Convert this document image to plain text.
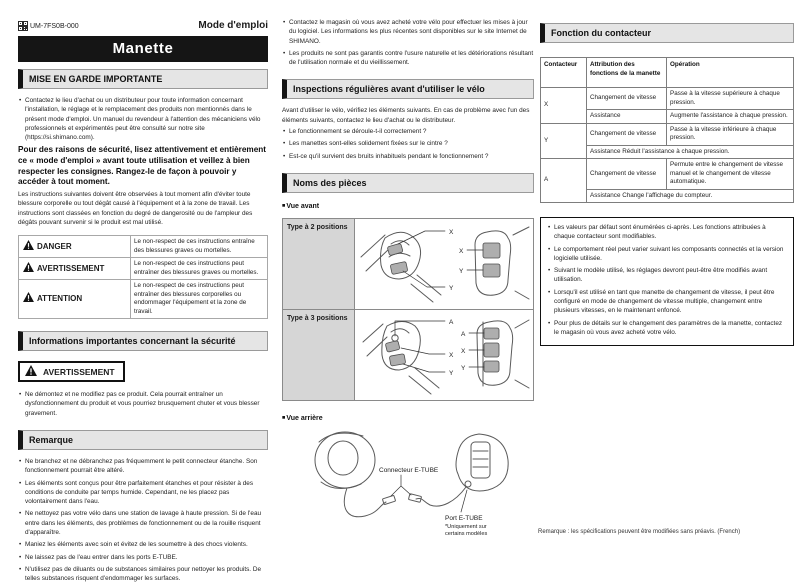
UM-7FS0B-000	Mode d'emploi
Manette
MISE EN GARDE IMPORTANTE
• Contactez le lieu d'achat ou un distributeur pour toute information concernant l'installation, le réglage et le remplacement des produits non mentionnés dans le présent mode d'emploi. Un manuel du revendeur à l'attention des mécaniciens vélo professionnels et expérimentés peut être consulté sur notre site (https://si.shimano.com).

Pour des raisons de sécurité, lisez attentivement et entièrement ce « mode d'emploi » avant toute utilisation et veillez à bien respecter les consignes. Rangez-le de façon à pouvoir y accéder à tout moment.

Les instructions suivantes doivent être observées à tout moment afin d'éviter toute blessure corporelle ou tout dégât causé à l'équipement et à la zone de travail. Les instructions sont classées en fonction du degré de dangerosité ou de l'ampleur des dégâts pouvant survenir si le produit est mal utilisé.

DANGER	Le non-respect de ces instructions entraîne des blessures graves ou mortelles.
AVERTISSEMENT	Le non-respect de ces instructions peut entraîner des blessures graves ou mortelles.
ATTENTION	Le non-respect de ces instructions peut entraîner des blessures corporelles ou endommager l'équipement et la zone de travail.
Informations importantes concernant la sécurité
AVERTISSEMENT
• Ne démontez et ne modifiez pas ce produit. Cela pourrait entraîner un dysfonctionnement du produit et vous pourriez brusquement chuter et vous blesser gravement.
Remarque
• Ne branchez et ne débranchez pas fréquemment le petit connecteur étanche. Son fonctionnement pourrait être altéré.
• Les éléments sont conçus pour être parfaitement étanches et pour résister à des conditions de conduite par temps humide. Cependant, ne les placez pas volontairement dans l'eau.
• Ne nettoyez pas votre vélo dans une station de lavage à haute pression. Si de l'eau entre dans les éléments, des problèmes de fonctionnement ou de la rouille risquent d'apparaître.
• Maniez les éléments avec soin et évitez de les soumettre à des chocs violents.
• Ne laissez pas de l'eau entrer dans les ports E-TUBE.
• N'utilisez pas de diluants ou de substances similaires pour nettoyer les produits. De telles substances risquent d'endommager les surfaces.
• Contactez le magasin où vous avez acheté votre vélo pour effectuer les mises à jour du logiciel. Les informations les plus récentes sont disponibles sur le site Internet de SHIMANO.
• Les produits ne sont pas garantis contre l'usure naturelle et les détériorations résultant de l'utilisation normale et du vieillissement.
Inspections régulières avant d'utiliser le vélo

Avant d'utiliser le vélo, vérifiez les éléments suivants. En cas de problème avec l'un des éléments suivants, contactez le lieu d'achat ou le distributeur.

• Le fonctionnement se déroule-t-il correctement ?
• Les manettes sont-elles solidement fixées sur le cintre ?
• Est-ce qu'il survient des bruits inhabituels pendant le fonctionnement ?
Noms des pièces
■ Vue avant
Type à 2 positions	X
Y
X
Y

Type à 3 positions	
A
X
Y
A
X
Y
■ Vue arrière
Connecteur E-TUBE
Port E-TUBE
*Uniquement sur
certains modèles
Fonction du contacteur
Contacteur	Attribution des fonctions de la manette	Opération
X	Changement de vitesse	Passe à la vitesse supérieure à chaque pression.
	Assistance	Augmente l'assistance à chaque pression.
Y	Changement de vitesse	Passe à la vitesse inférieure à chaque pression.
	Assistance Réduit l'assistance à chaque pression.	
A	Changement de vitesse	Permute entre le changement de vitesse manuel et le changement de vitesse automatique.
	Assistance Change l'affichage du compteur.	
• Les valeurs par défaut sont énumérées ci-après. Les fonctions attribuées à chaque contacteur sont modifiables.
• Le comportement réel peut varier suivant les composants connectés et la version logicielle utilisée.
• Suivant le modèle utilisé, les réglages devront peut-être être modifiés avant utilisation.
• Lorsqu'il est utilisé en tant que manette de changement de vitesse, il peut être configuré en mode de changement de vitesse multiple, changement entre plusieurs vitesses, en le maintenant enfoncé.
• Pour plus de détails sur le changement des paramètres de la manette, contactez le magasin où vous avez acheté votre vélo.
Remarque : les spécifications peuvent être modifiées sans préavis. (French)
